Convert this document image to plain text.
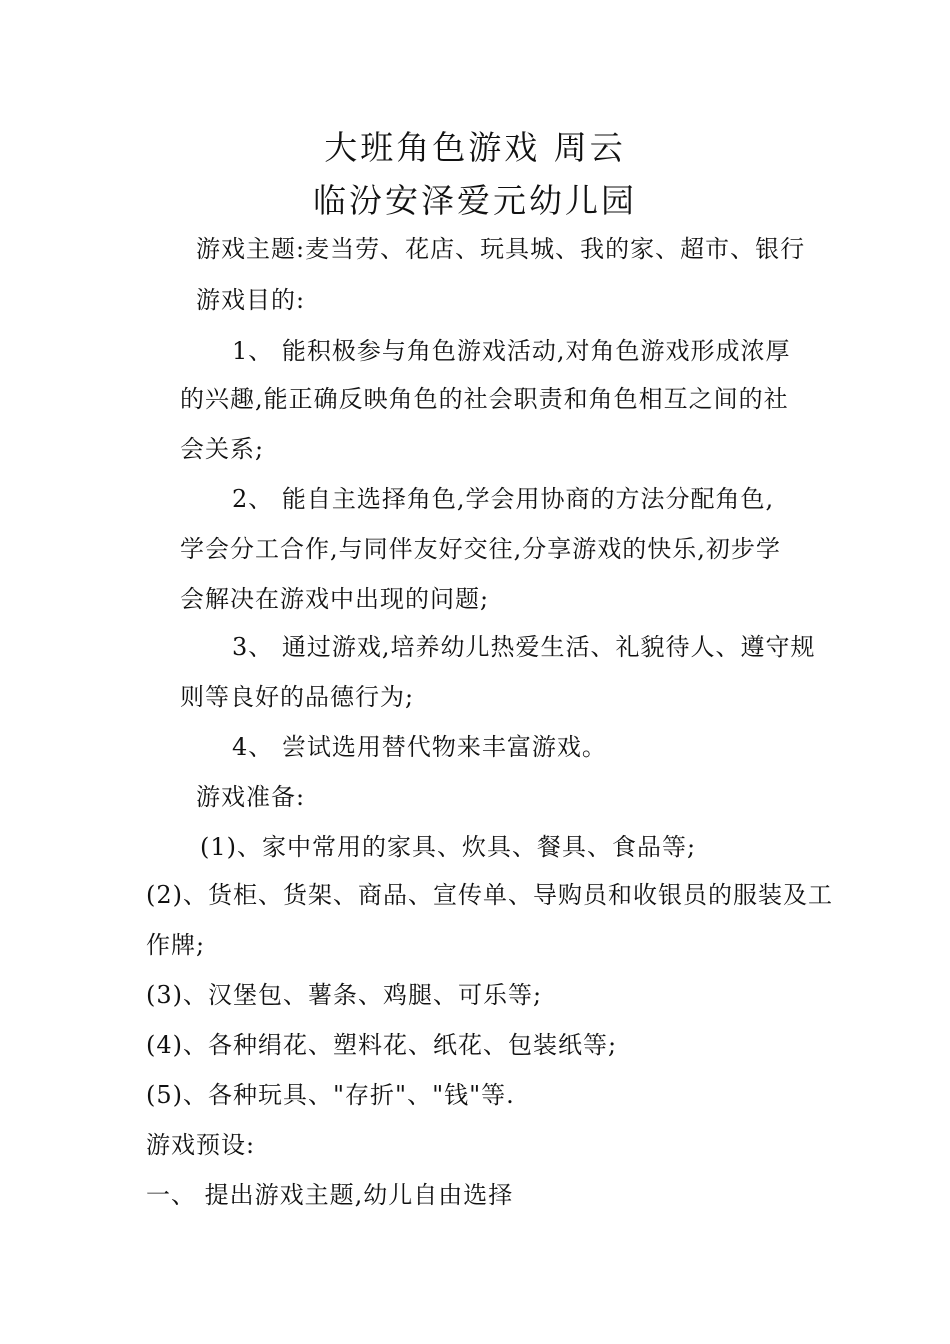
大班角色游戏 周云
临汾安泽爱元幼儿园
游戏主题:麦当劳、花店、玩具城、我的家、超市、银行
游戏目的:
1、 能积极参与角色游戏活动,对角色游戏形成浓厚
的兴趣,能正确反映角色的社会职责和角色相互之间的社
会关系;
2、 能自主选择角色,学会用协商的方法分配角色,
学会分工合作,与同伴友好交往,分享游戏的快乐,初步学
会解决在游戏中出现的问题;
3、 通过游戏,培养幼儿热爱生活、礼貌待人、遵守规
则等良好的品德行为;
4、 尝试选用替代物来丰富游戏。
游戏准备:
(1)、家中常用的家具、炊具、餐具、食品等;
(2)、货柜、货架、商品、宣传单、导购员和收银员的服装及工
作牌;
(3)、汉堡包、薯条、鸡腿、可乐等;
(4)、各种绢花、塑料花、纸花、包装纸等;
(5)、各种玩具、"存折"、"钱"等.
游戏预设:
一、 提出游戏主题,幼儿自由选择
